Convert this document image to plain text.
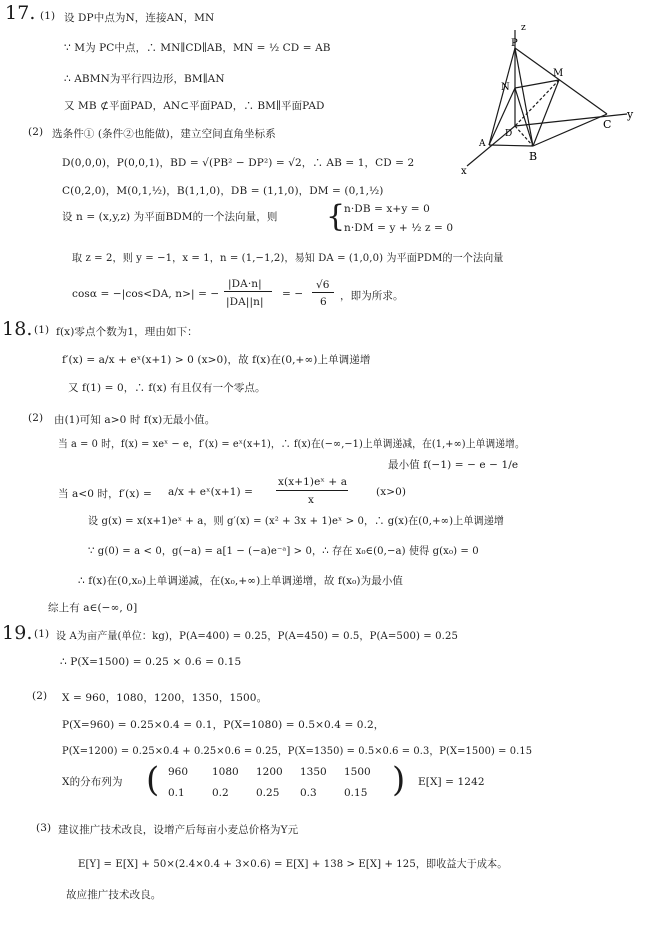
17. (1) 设 DP中点为N，连接AN，MN
∵ M为 PC中点，∴ MN∥CD∥AB，MN = ½ CD = AB
∴ ABMN为平行四边形，BM∥AN
又 MB ⊄平面PAD，AN⊂平面PAD，∴ BM∥平面PAD
P
z
N
M
D
C
y
A
x
B
(2) 选条件① (条件②也能做)，建立空间直角坐标系
D(0,0,0)，P(0,0,1)，BD = √(PB² − DP²) = √2，∴ AB = 1，CD = 2
C(0,2,0)，M(0,1,½)，B(1,1,0)，DB = (1,1,0)，DM = (0,1,½)
设 n = (x,y,z) 为平面BDM的一个法向量，则 {
n·DB = x+y = 0
n·DM = y + ½ z = 0
取 z = 2，则 y = −1，x = 1，n = (1,−1,2)，易知 DA = (1,0,0) 为平面PDM的一个法向量
cosα = −|cos<DA, n>| = −
|DA·n|
|DA||n|
= −
√6
6 ，即为所求。
18. (1) f(x)零点个数为1，理由如下：
f′(x) = a/x + eˣ(x+1) > 0 (x>0)，故 f(x)在(0,+∞)上单调递增
又 f(1) = 0，∴ f(x) 有且仅有一个零点。
(2) 由(1)可知 a>0 时 f(x)无最小值。
当 a = 0 时，f(x) = xeˣ − e，f′(x) = eˣ(x+1)，∴ f(x)在(−∞,−1)上单调递减，在(1,+∞)上单调递增。
最小值 f(−1) = − e − 1/e
当 a<0 时，f′(x) = a/x + eˣ(x+1) =
x(x+1)eˣ + a
x
(x>0)
设 g(x) = x(x+1)eˣ + a，则 g′(x) = (x² + 3x + 1)eˣ > 0，∴ g(x)在(0,+∞)上单调递增
∵ g(0) = a < 0，g(−a) = a[1 − (−a)e⁻ᵃ] > 0，∴ 存在 x₀∈(0,−a) 使得 g(x₀) = 0
∴ f(x)在(0,x₀)上单调递减，在(x₀,+∞)上单调递增，故 f(x₀)为最小值
综上有 a∈(−∞, 0]
19. (1) 设 A为亩产量(单位：kg)，P(A=400) = 0.25，P(A=450) = 0.5，P(A=500) = 0.25
∴ P(X=1500) = 0.25 × 0.6 = 0.15
(2) X = 960，1080，1200，1350，1500。
P(X=960) = 0.25×0.4 = 0.1，P(X=1080) = 0.5×0.4 = 0.2，
P(X=1200) = 0.25×0.4 + 0.25×0.6 = 0.25，P(X=1350) = 0.5×0.6 = 0.3，P(X=1500) = 0.15
X的分布列为 ( 960	1080	1200	1350	1500
0.1	0.2	0.25	0.3	0.15 ) E[X] = 1242
(3) 建议推广技术改良，设增产后每亩小麦总价格为Y元
E[Y] = E[X] + 50×(2.4×0.4 + 3×0.6) = E[X] + 138 > E[X] + 125，即收益大于成本。
故应推广技术改良。
